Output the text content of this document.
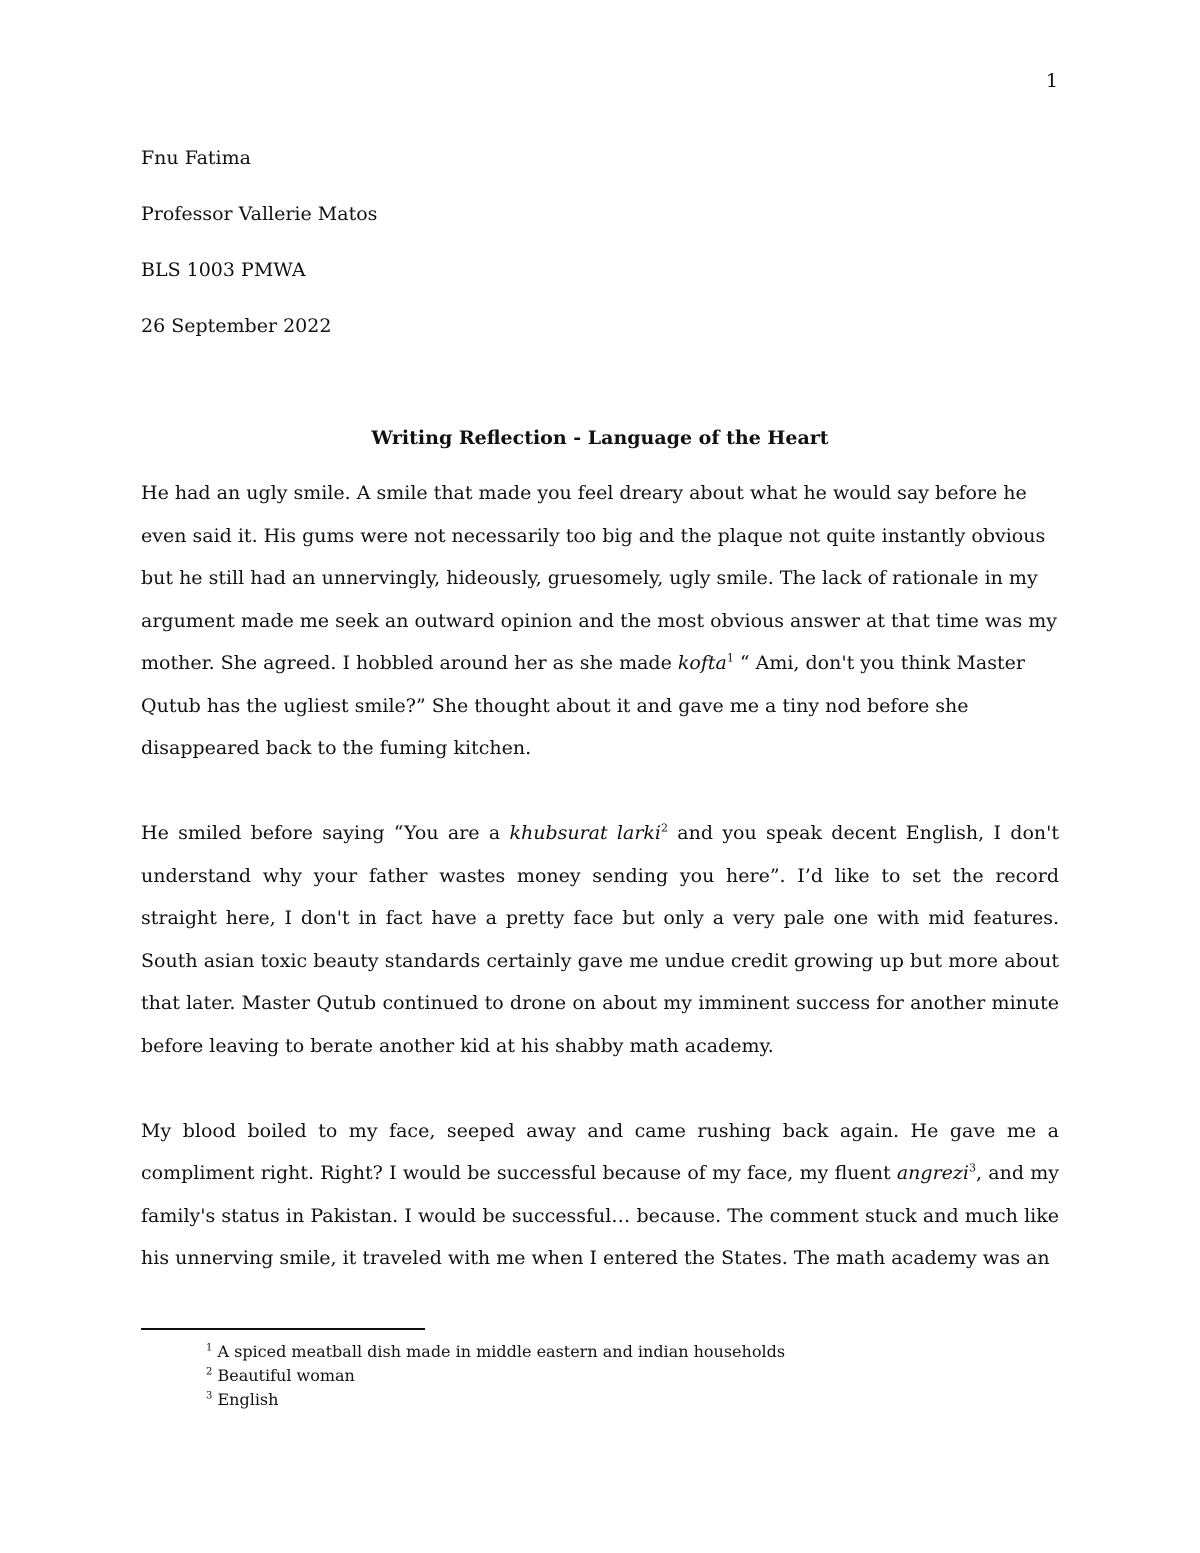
1
Fnu Fatima
Professor Vallerie Matos
BLS 1003 PMWA
26 September 2022
Writing Reflection - Language of the Heart

He had an ugly smile. A smile that made you feel dreary about what he would say before he even said it. His gums were not necessarily too big and the plaque not quite instantly obvious but he still had an unnervingly, hideously, gruesomely, ugly smile. The lack of rationale in my argument made me seek an outward opinion and the most obvious answer at that time was my mother. She agreed. I hobbled around her as she made kofta$^1$ “ Ami, don't you think Master Qutub has the ugliest smile?” She thought about it and gave me a tiny nod before she disappeared back to the fuming kitchen.

He smiled before saying “You are a khubsurat larki$^2$ and you speak decent English, I don't understand why your father wastes money sending you here”. I’d like to set the record straight here, I don't in fact have a pretty face but only a very pale one with mid features. South asian toxic beauty standards certainly gave me undue credit growing up but more about that later. Master Qutub continued to drone on about my imminent success for another minute before leaving to berate another kid at his shabby math academy.

My blood boiled to my face, seeped away and came rushing back again. He gave me a compliment right. Right? I would be successful because of my face, my fluent angrezi$^3$, and my family's status in Pakistan. I would be successful… because. The comment stuck and much like his unnerving smile, it traveled with me when I entered the States. The math academy was an

$^1$ A spiced meatball dish made in middle eastern and indian households
$^2$ Beautiful woman
$^3$ English
